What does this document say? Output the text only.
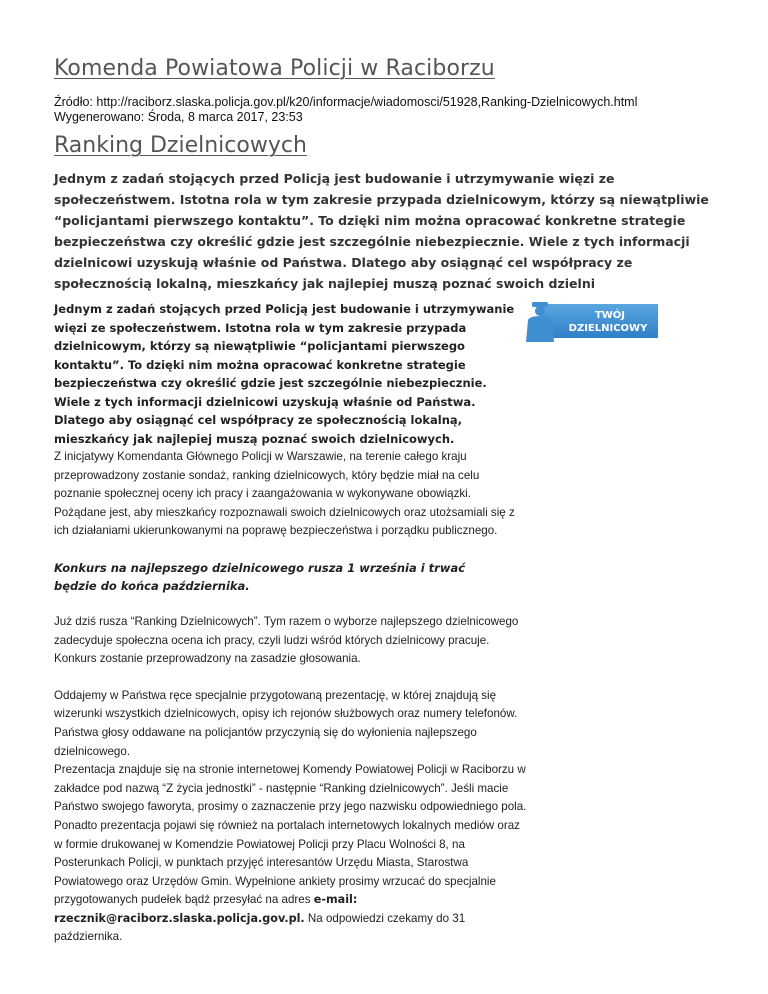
Komenda Powiatowa Policji w Raciborzu
Źródło: http://raciborz.slaska.policja.gov.pl/k20/informacje/wiadomosci/51928,Ranking-Dzielnicowych.html
Wygenerowano: Środa, 8 marca 2017, 23:53
Ranking Dzielnicowych

Jednym z zadań stojących przed Policją jest budowanie i utrzymywanie więzi ze społeczeństwem. Istotna rola w tym zakresie przypada dzielnicowym, którzy są niewątpliwie “policjantami pierwszego kontaktu”. To dzięki nim można opracować konkretne strategie bezpieczeństwa czy określić gdzie jest szczególnie niebezpiecznie. Wiele z tych informacji dzielnicowi uzyskują właśnie od Państwa. Dlatego aby osiągnąć cel współpracy ze społecznością lokalną, mieszkańcy jak najlepiej muszą poznać swoich dzielni

Jednym z zadań stojących przed Policją jest budowanie i utrzymywanie więzi ze społeczeństwem. Istotna rola w tym zakresie przypada dzielnicowym, którzy są niewątpliwie “policjantami pierwszego kontaktu”. To dzięki nim można opracować konkretne strategie bezpieczeństwa czy określić gdzie jest szczególnie niebezpiecznie. Wiele z tych informacji dzielnicowi uzyskują właśnie od Państwa. Dlatego aby osiągnąć cel współpracy ze społecznością lokalną, mieszkańcy jak najlepiej muszą poznać swoich dzielnicowych.

TWÓJ
DZIELNICOWY

Z inicjatywy Komendanta Głównego Policji w Warszawie, na terenie całego kraju przeprowadzony zostanie sondaż, ranking dzielnicowych, który będzie miał na celu poznanie społecznej oceny ich pracy i zaangażowania w wykonywane obowiązki. Pożądane jest, aby mieszkańcy rozpoznawali swoich dzielnicowych oraz utożsamiali się z ich działaniami ukierunkowanymi na poprawę bezpieczeństwa i porządku publicznego.

Konkurs na najlepszego dzielnicowego rusza 1 września i trwać będzie do końca października.

Już dziś rusza “Ranking Dzielnicowych”. Tym razem o wyborze najlepszego dzielnicowego zadecyduje społeczna ocena ich pracy, czyli ludzi wśród których dzielnicowy pracuje. Konkurs zostanie przeprowadzony na zasadzie głosowania.

Oddajemy w Państwa ręce specjalnie przygotowaną prezentację, w której znajdują się wizerunki wszystkich dzielnicowych, opisy ich rejonów służbowych oraz numery telefonów. Państwa głosy oddawane na policjantów przyczynią się do wyłonienia najlepszego dzielnicowego.
Prezentacja znajduje się na stronie internetowej Komendy Powiatowej Policji w Raciborzu w zakładce pod nazwą “Z życia jednostki” - następnie “Ranking dzielnicowych”. Jeśli macie Państwo swojego faworyta, prosimy o zaznaczenie przy jego nazwisku odpowiedniego pola.
Ponadto prezentacja pojawi się również na portalach internetowych lokalnych mediów oraz w formie drukowanej w Komendzie Powiatowej Policji przy Placu Wolności 8, na Posterunkach Policji, w punktach przyjęć interesantów Urzędu Miasta, Starostwa Powiatowego oraz Urzędów Gmin. Wypełnione ankiety prosimy wrzucać do specjalnie przygotowanych pudełek bądź przesyłać na adres e-mail: rzecznik@raciborz.slaska.policja.gov.pl. Na odpowiedzi czekamy do 31 października.
